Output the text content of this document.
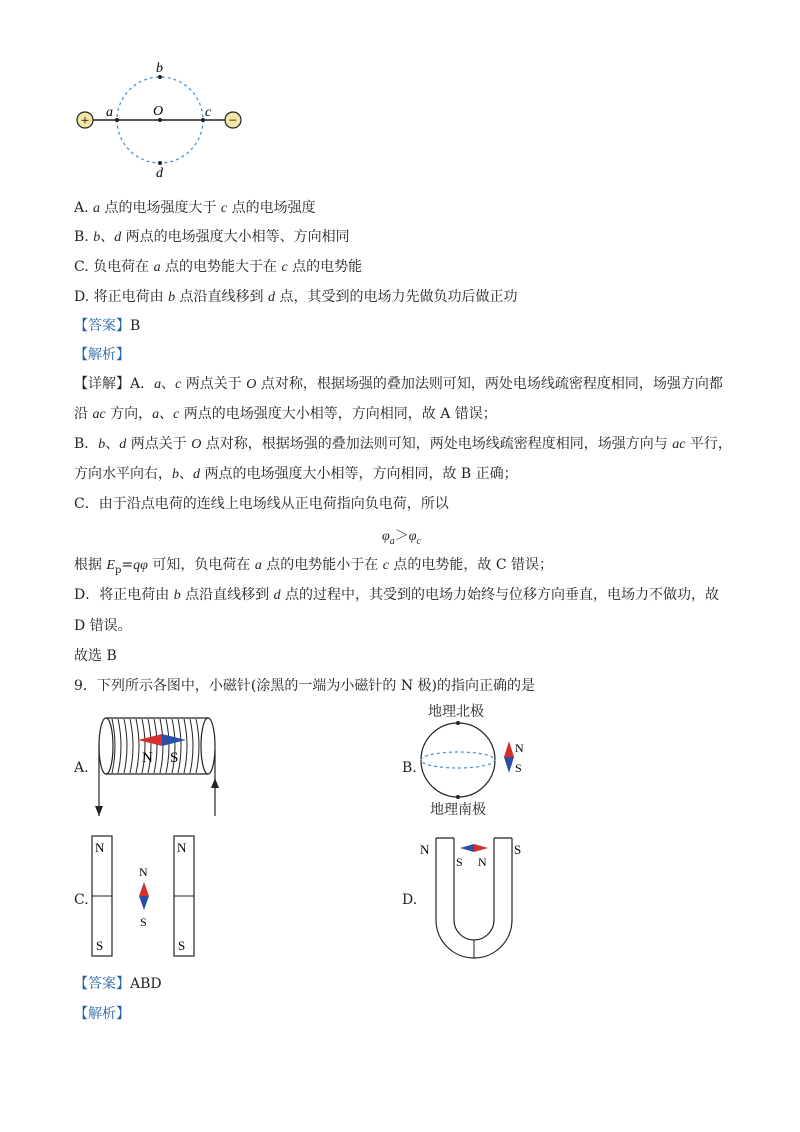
+	−
a	O	c
b
d
A. a 点的电场强度大于 c 点的电场强度
B. b、d 两点的电场强度大小相等、方向相同
C. 负电荷在 a 点的电势能大于在 c 点的电势能
D. 将正电荷由 b 点沿直线移到 d 点，其受到的电场力先做负功后做正功
【答案】B
【解析】
【详解】A．a、c 两点关于 O 点对称，根据场强的叠加法则可知，两处电场线疏密程度相同，场强方向都
沿 ac 方向，a、c 两点的电场强度大小相等，方向相同，故 A 错误；
B．b、d 两点关于 O 点对称，根据场强的叠加法则可知，两处电场线疏密程度相同，场强方向与 ac 平行，
方向水平向右，b、d 两点的电场强度大小相等，方向相同，故 B 正确；
C．由于沿点电荷的连线上电场线从正电荷指向负电荷，所以
$\varphi_a>\varphi_c$
根据 $E_p=q\varphi$ 可知，负电荷在 a 点的电势能小于在 c 点的电势能，故 C 错误；
D．将正电荷由 b 点沿直线移到 d 点的过程中，其受到的电场力始终与位移方向垂直，电场力不做功，故
D 错误。
故选 B
9．下列所示各图中，小磁针(涂黑的一端为小磁针的 N 极)的指向正确的是
A.
N S
B.
地理北极
地理南极
N
S
C.
N
S
N
S
N
S
D.
N	S
S N
【答案】ABD
【解析】
